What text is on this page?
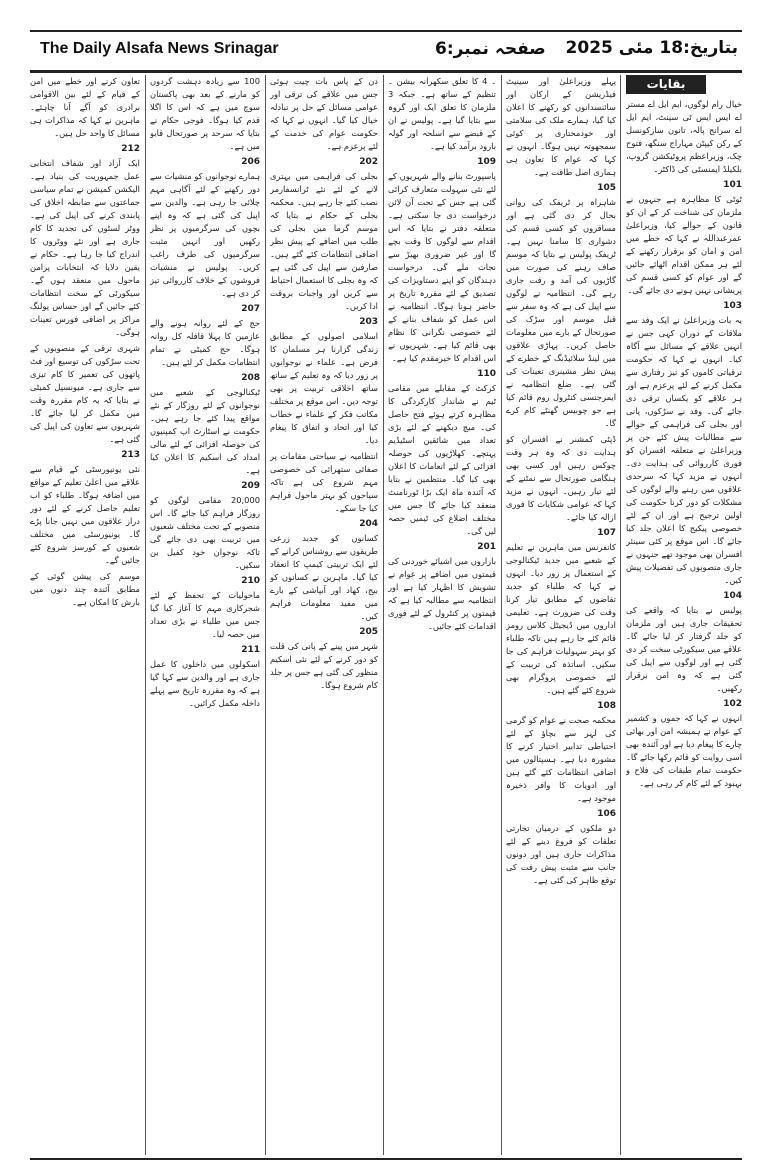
The Daily Alsafa News Srinagar	صفحہ نمبر:6 بتاریخ:18 مئی 2025
بقایات

خیال رام لوگوں، ایم ایل اے مستر اے ایس ایس ٹی سینٹ، ایم ایل اے سرانج پالہ، تانون سازکونسل کے رکن کیپٹن مہاراج سنگھ، فتوح چک، وزیراعظم پروٹیکشن گروپ، بلکیلڈ ایمنسٹی کی ڈاکٹر۔

101

ٹوٹی کا مظاہرہ ہے جنہوں نے ملزمان کی شناخت کر کے ان کو قانون کے حوالے کیا، وزیراعلیٰ عمرعبداللہ نے کہا کہ خطے میں امن و امان کو برقرار رکھنے کے لئے ہر ممکن اقدام اٹھائے جائیں گے اور عوام کو کسی قسم کی پریشانی نہیں ہونے دی جائے گی۔

103

یہ بات وزیراعلیٰ نے ایک وفد سے ملاقات کے دوران کہی جس نے انہیں علاقے کے مسائل سے آگاہ کیا۔ انہوں نے کہا کہ حکومت ترقیاتی کاموں کو تیز رفتاری سے مکمل کرنے کے لئے پرعزم ہے اور ہر علاقے کو یکساں ترقی دی جائے گی۔ وفد نے سڑکوں، پانی اور بجلی کی فراہمی کے حوالے سے مطالبات پیش کئے جن پر وزیراعلیٰ نے متعلقہ افسران کو فوری کارروائی کی ہدایت دی۔ انہوں نے مزید کہا کہ سرحدی علاقوں میں رہنے والے لوگوں کی مشکلات کو دور کرنا حکومت کی اولین ترجیح ہے اور ان کے لئے خصوصی پیکیج کا اعلان جلد کیا جائے گا۔ اس موقع پر کئی سینئر افسران بھی موجود تھے جنہوں نے جاری منصوبوں کی تفصیلات پیش کیں۔

104

پولیس نے بتایا کہ واقعے کی تحقیقات جاری ہیں اور ملزمان کو جلد گرفتار کر لیا جائے گا۔ علاقے میں سیکورٹی سخت کر دی گئی ہے اور لوگوں سے اپیل کی گئی ہے کہ وہ امن برقرار رکھیں۔

102

انہوں نے کہا کہ جموں و کشمیر کے عوام نے ہمیشہ امن اور بھائی چارے کا پیغام دیا ہے اور آئندہ بھی اسی روایت کو قائم رکھا جائے گا۔ حکومت تمام طبقات کی فلاح و بہبود کے لئے کام کر رہی ہے۔

پہلے وزیراعلیٰ اور سینیٹ فیڈریشن کے ارکان اور سائنسدانوں کو رکھنے کا اعلان کیا گیا، ہمارے ملک کی سلامتی اور خودمختاری پر کوئی سمجھوتہ نہیں ہوگا۔ انہوں نے کہا کہ عوام کا تعاون ہی ہماری اصل طاقت ہے۔

105

شاہراہ پر ٹریفک کی روانی بحال کر دی گئی ہے اور مسافروں کو کسی قسم کی دشواری کا سامنا نہیں ہے۔ ٹریفک پولیس نے بتایا کہ موسم صاف رہنے کی صورت میں گاڑیوں کی آمد و رفت جاری رہے گی۔ انتظامیہ نے لوگوں سے اپیل کی ہے کہ وہ سفر سے قبل موسم اور سڑک کی صورتحال کے بارے میں معلومات حاصل کریں۔ پہاڑی علاقوں میں لینڈ سلائیڈنگ کے خطرے کے پیش نظر مشینری تعینات کی گئی ہے۔ ضلع انتظامیہ نے ایمرجنسی کنٹرول روم قائم کیا ہے جو چوبیس گھنٹے کام کرے گا۔

ڈپٹی کمشنر نے افسران کو ہدایت دی کہ وہ ہر وقت چوکس رہیں اور کسی بھی ہنگامی صورتحال سے نمٹنے کے لئے تیار رہیں۔ انہوں نے مزید کہا کہ عوامی شکایات کا فوری ازالہ کیا جائے۔

107

کانفرنس میں ماہرین نے تعلیم کے شعبے میں جدید ٹیکنالوجی کے استعمال پر زور دیا۔ انہوں نے کہا کہ طلباء کو جدید تقاضوں کے مطابق تیار کرنا وقت کی ضرورت ہے۔ تعلیمی اداروں میں ڈیجیٹل کلاس رومز قائم کئے جا رہے ہیں تاکہ طلباء کو بہتر سہولیات فراہم کی جا سکیں۔ اساتذہ کی تربیت کے لئے خصوصی پروگرام بھی شروع کئے گئے ہیں۔

108

محکمہ صحت نے عوام کو گرمی کی لہر سے بچاؤ کے لئے احتیاطی تدابیر اختیار کرنے کا مشورہ دیا ہے۔ ہسپتالوں میں اضافی انتظامات کئے گئے ہیں اور ادویات کا وافر ذخیرہ موجود ہے۔

106

دو ملکوں کے درمیان تجارتی تعلقات کو فروغ دینے کے لئے مذاکرات جاری ہیں اور دونوں جانب سے مثبت پیش رفت کی توقع ظاہر کی گئی ہے۔

۔ 4 کا تعلق سکھرانہ بیشن ۔ تنظیم کے ساتھ ہے۔ جبکہ 3 ملزمان کا تعلق ایک اور گروہ سے بتایا گیا ہے۔ پولیس نے ان کے قبضے سے اسلحہ اور گولہ بارود برآمد کیا ہے۔

109

پاسپورٹ بنانے والے شہریوں کے لئے نئی سہولت متعارف کرائی گئی ہے جس کے تحت آن لائن درخواست دی جا سکتی ہے۔ متعلقہ دفتر نے بتایا کہ اس اقدام سے لوگوں کا وقت بچے گا اور غیر ضروری بھیڑ سے نجات ملے گی۔ درخواست دہندگان کو اپنے دستاویزات کی تصدیق کے لئے مقررہ تاریخ پر حاضر ہونا ہوگا۔ انتظامیہ نے اس عمل کو شفاف بنانے کے لئے خصوصی نگرانی کا نظام بھی قائم کیا ہے۔ شہریوں نے اس اقدام کا خیرمقدم کیا ہے۔

110

کرکٹ کے مقابلے میں مقامی ٹیم نے شاندار کارکردگی کا مظاہرہ کرتے ہوئے فتح حاصل کی۔ میچ دیکھنے کے لئے بڑی تعداد میں شائقین اسٹیڈیم پہنچے۔ کھلاڑیوں کی حوصلہ افزائی کے لئے انعامات کا اعلان بھی کیا گیا۔ منتظمین نے بتایا کہ آئندہ ماہ ایک بڑا ٹورنامنٹ منعقد کیا جائے گا جس میں مختلف اضلاع کی ٹیمیں حصہ لیں گی۔

201

بازاروں میں اشیائے خوردنی کی قیمتوں میں اضافے پر عوام نے تشویش کا اظہار کیا ہے اور انتظامیہ سے مطالبہ کیا ہے کہ قیمتوں پر کنٹرول کے لئے فوری اقدامات کئے جائیں۔

دن کے پاس بات چیت ہوئی جس میں علاقے کی ترقی اور عوامی مسائل کے حل پر تبادلہ خیال کیا گیا۔ انہوں نے کہا کہ حکومت عوام کی خدمت کے لئے پرعزم ہے۔

202

بجلی کی فراہمی میں بہتری لانے کے لئے نئے ٹرانسفارمر نصب کئے جا رہے ہیں۔ محکمہ بجلی کے حکام نے بتایا کہ موسم گرما میں بجلی کی طلب میں اضافے کے پیش نظر اضافی انتظامات کئے گئے ہیں۔ صارفین سے اپیل کی گئی ہے کہ وہ بجلی کا استعمال احتیاط سے کریں اور واجبات بروقت ادا کریں۔

203

اسلامی اصولوں کے مطابق زندگی گزارنا ہر مسلمان کا فرض ہے۔ علماء نے نوجوانوں پر زور دیا کہ وہ تعلیم کے ساتھ ساتھ اخلاقی تربیت پر بھی توجہ دیں۔ اس موقع پر مختلف مکاتب فکر کے علماء نے خطاب کیا اور اتحاد و اتفاق کا پیغام دیا۔

انتظامیہ نے سیاحتی مقامات پر صفائی ستھرائی کی خصوصی مہم شروع کی ہے تاکہ سیاحوں کو بہتر ماحول فراہم کیا جا سکے۔

204

کسانوں کو جدید زرعی طریقوں سے روشناس کرانے کے لئے ایک تربیتی کیمپ کا انعقاد کیا گیا۔ ماہرین نے کسانوں کو بیج، کھاد اور آبپاشی کے بارے میں مفید معلومات فراہم کیں۔

205

شہر میں پینے کے پانی کی قلت کو دور کرنے کے لئے نئی اسکیم منظور کی گئی ہے جس پر جلد کام شروع ہوگا۔

100 سے زیادہ دہشت گردوں کو مارنے کے بعد بھی پاکستان سوچ میں ہے کہ اس کا اگلا قدم کیا ہوگا۔ فوجی حکام نے بتایا کہ سرحد پر صورتحال قابو میں ہے۔

206

ہمارے نوجوانوں کو منشیات سے دور رکھنے کے لئے آگاہی مہم چلائی جا رہی ہے۔ والدین سے اپیل کی گئی ہے کہ وہ اپنے بچوں کی سرگرمیوں پر نظر رکھیں اور انہیں مثبت سرگرمیوں کی طرف راغب کریں۔ پولیس نے منشیات فروشوں کے خلاف کارروائی تیز کر دی ہے۔

207

حج کے لئے روانہ ہونے والے عازمین کا پہلا قافلہ کل روانہ ہوگا۔ حج کمیٹی نے تمام انتظامات مکمل کر لئے ہیں۔

208

ٹیکنالوجی کے شعبے میں نوجوانوں کے لئے روزگار کے نئے مواقع پیدا کئے جا رہے ہیں۔ حکومت نے اسٹارٹ اپ کمپنیوں کی حوصلہ افزائی کے لئے مالی امداد کی اسکیم کا اعلان کیا ہے۔

209

20,000 مقامی لوگوں کو روزگار فراہم کیا جائے گا۔ اس منصوبے کے تحت مختلف شعبوں میں تربیت بھی دی جائے گی تاکہ نوجوان خود کفیل بن سکیں۔

210

ماحولیات کے تحفظ کے لئے شجرکاری مہم کا آغاز کیا گیا جس میں طلباء نے بڑی تعداد میں حصہ لیا۔

211

اسکولوں میں داخلوں کا عمل جاری ہے اور والدین سے کہا گیا ہے کہ وہ مقررہ تاریخ سے پہلے داخلہ مکمل کرائیں۔

تعاون کرنے اور خطے میں امن کے قیام کے لئے بین الاقوامی برادری کو آگے آنا چاہئے۔ ماہرین نے کہا کہ مذاکرات ہی مسائل کا واحد حل ہیں۔

212

ایک آزاد اور شفاف انتخابی عمل جمہوریت کی بنیاد ہے۔ الیکشن کمیشن نے تمام سیاسی جماعتوں سے ضابطہ اخلاق کی پابندی کرنے کی اپیل کی ہے۔ ووٹر لسٹوں کی تجدید کا کام جاری ہے اور نئے ووٹروں کا اندراج کیا جا رہا ہے۔ حکام نے یقین دلایا کہ انتخابات پرامن ماحول میں منعقد ہوں گے۔ سیکورٹی کے سخت انتظامات کئے جائیں گے اور حساس پولنگ مراکز پر اضافی فورس تعینات ہوگی۔

شہری ترقی کے منصوبوں کے تحت سڑکوں کی توسیع اور فٹ پاتھوں کی تعمیر کا کام تیزی سے جاری ہے۔ میونسپل کمیٹی نے بتایا کہ یہ کام مقررہ وقت میں مکمل کر لیا جائے گا۔ شہریوں سے تعاون کی اپیل کی گئی ہے۔

213

نئی یونیورسٹی کے قیام سے علاقے میں اعلیٰ تعلیم کے مواقع میں اضافہ ہوگا۔ طلباء کو اب تعلیم حاصل کرنے کے لئے دور دراز علاقوں میں نہیں جانا پڑے گا۔ یونیورسٹی میں مختلف شعبوں کے کورسز شروع کئے جائیں گے۔

موسم کی پیشن گوئی کے مطابق آئندہ چند دنوں میں بارش کا امکان ہے۔
